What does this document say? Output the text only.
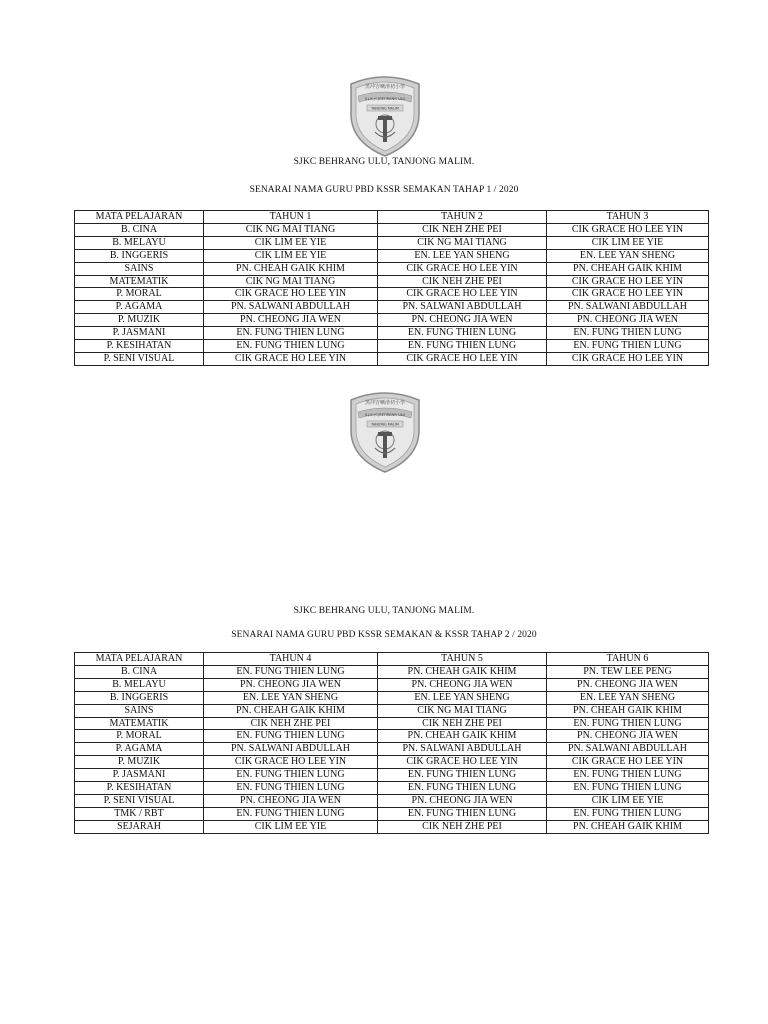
黑冲峇喇滑初小學
S.J.K.(C)BEHRANG ULU
TANJONG MALIM
SJKC BEHRANG ULU, TANJONG MALIM.
SENARAI NAMA GURU PBD KSSR SEMAKAN TAHAP 1 / 2020
MATA PELAJARAN	TAHUN 1	TAHUN 2	TAHUN 3
B. CINA	CIK NG MAI TIANG	CIK NEH ZHE PEI	CIK GRACE HO LEE YIN
B. MELAYU	CIK LIM EE YIE	CIK NG MAI TIANG	CIK LIM EE YIE
B. INGGERIS	CIK LIM EE YIE	EN. LEE YAN SHENG	EN. LEE YAN SHENG
SAINS	PN. CHEAH GAIK KHIM	CIK GRACE HO LEE YIN	PN. CHEAH GAIK KHIM
MATEMATIK	CIK NG MAI TIANG	CIK NEH ZHE PEI	CIK GRACE HO LEE YIN
P. MORAL	CIK GRACE HO LEE YIN	CIK GRACE HO LEE YIN	CIK GRACE HO LEE YIN
P. AGAMA	PN. SALWANI ABDULLAH	PN. SALWANI ABDULLAH	PN. SALWANI ABDULLAH
P. MUZIK	PN. CHEONG JIA WEN	PN. CHEONG JIA WEN	PN. CHEONG JIA WEN
P. JASMANI	EN. FUNG THIEN LUNG	EN. FUNG THIEN LUNG	EN. FUNG THIEN LUNG
P. KESIHATAN	EN. FUNG THIEN LUNG	EN. FUNG THIEN LUNG	EN. FUNG THIEN LUNG
P. SENI VISUAL	CIK GRACE HO LEE YIN	CIK GRACE HO LEE YIN	CIK GRACE HO LEE YIN
黑冲峇喇滑初小學
S.J.K.(C)BEHRANG ULU
TANJONG MALIM
SJKC BEHRANG ULU, TANJONG MALIM.
SENARAI NAMA GURU PBD KSSR SEMAKAN & KSSR TAHAP 2 / 2020
MATA PELAJARAN	TAHUN 4	TAHUN 5	TAHUN 6
B. CINA	EN. FUNG THIEN LUNG	PN. CHEAH GAIK KHIM	PN. TEW LEE PENG
B. MELAYU	PN. CHEONG JIA WEN	PN. CHEONG JIA WEN	PN. CHEONG JIA WEN
B. INGGERIS	EN. LEE YAN SHENG	EN. LEE YAN SHENG	EN. LEE YAN SHENG
SAINS	PN. CHEAH GAIK KHIM	CIK NG MAI TIANG	PN. CHEAH GAIK KHIM
MATEMATIK	CIK NEH ZHE PEI	CIK NEH ZHE PEI	EN. FUNG THIEN LUNG
P. MORAL	EN. FUNG THIEN LUNG	PN. CHEAH GAIK KHIM	PN. CHEONG JIA WEN
P. AGAMA	PN. SALWANI ABDULLAH	PN. SALWANI ABDULLAH	PN. SALWANI ABDULLAH
P. MUZIK	CIK GRACE HO LEE YIN	CIK GRACE HO LEE YIN	CIK GRACE HO LEE YIN
P. JASMANI	EN. FUNG THIEN LUNG	EN. FUNG THIEN LUNG	EN. FUNG THIEN LUNG
P. KESIHATAN	EN. FUNG THIEN LUNG	EN. FUNG THIEN LUNG	EN. FUNG THIEN LUNG
P. SENI VISUAL	PN. CHEONG JIA WEN	PN. CHEONG JIA WEN	CIK LIM EE YIE
TMK / RBT	EN. FUNG THIEN LUNG	EN. FUNG THIEN LUNG	EN. FUNG THIEN LUNG
SEJARAH	CIK LIM EE YIE	CIK NEH ZHE PEI	PN. CHEAH GAIK KHIM
